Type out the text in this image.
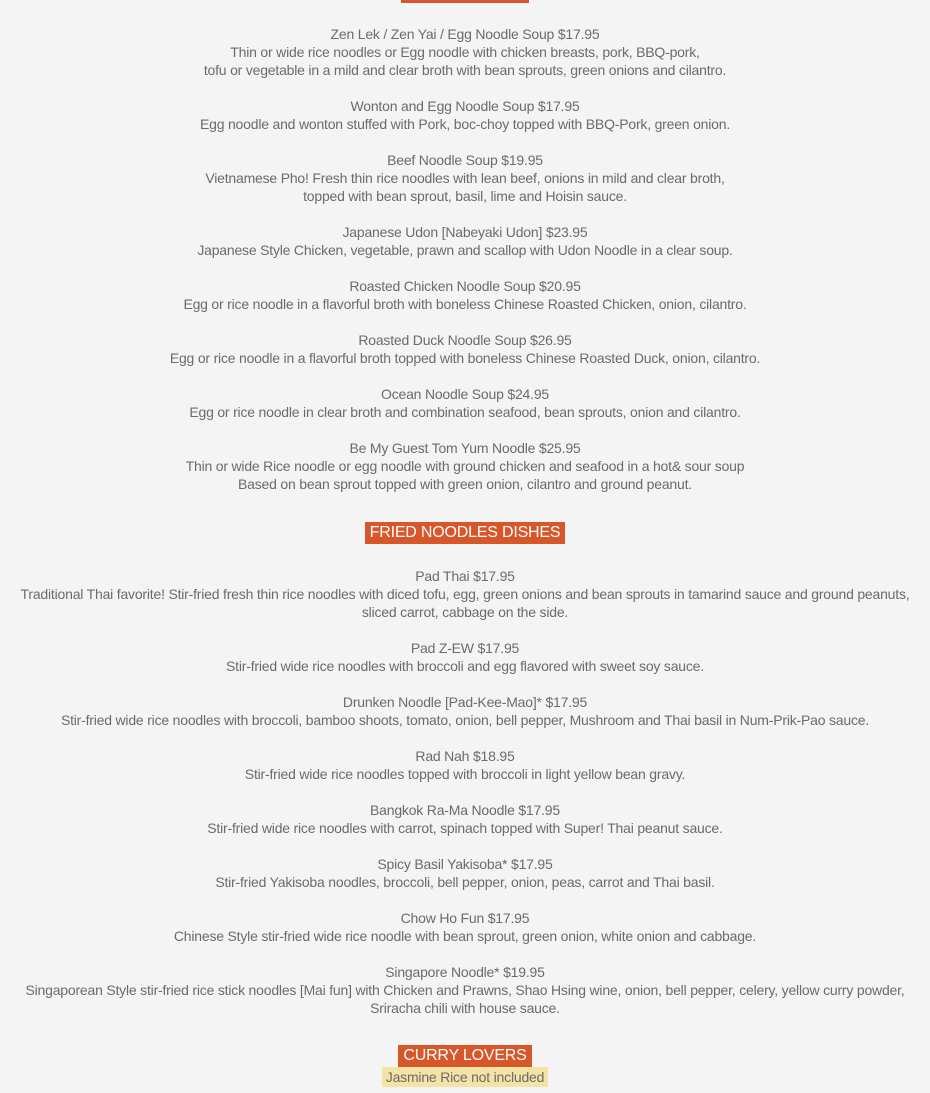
Zen Lek / Zen Yai / Egg Noodle Soup $17.95
Thin or wide rice noodles or Egg noodle with chicken breasts, pork, BBQ-pork,
tofu or vegetable in a mild and clear broth with bean sprouts, green onions and cilantro.
Wonton and Egg Noodle Soup $17.95
Egg noodle and wonton stuffed with Pork, boc-choy topped with BBQ-Pork, green onion.
Beef Noodle Soup $19.95
Vietnamese Pho! Fresh thin rice noodles with lean beef, onions in mild and clear broth,
topped with bean sprout, basil, lime and Hoisin sauce.
Japanese Udon [Nabeyaki Udon] $23.95
Japanese Style Chicken, vegetable, prawn and scallop with Udon Noodle in a clear soup.
Roasted Chicken Noodle Soup $20.95
Egg or rice noodle in a flavorful broth with boneless Chinese Roasted Chicken, onion, cilantro.
Roasted Duck Noodle Soup $26.95
Egg or rice noodle in a flavorful broth topped with boneless Chinese Roasted Duck, onion, cilantro.
Ocean Noodle Soup $24.95
Egg or rice noodle in clear broth and combination seafood, bean sprouts, onion and cilantro.
Be My Guest Tom Yum Noodle $25.95
Thin or wide Rice noodle or egg noodle with ground chicken and seafood in a hot& sour soup
Based on bean sprout topped with green onion, cilantro and ground peanut.
FRIED NOODLES DISHES
Pad Thai $17.95
Traditional Thai favorite! Stir-fried fresh thin rice noodles with diced tofu, egg, green onions and bean sprouts in tamarind sauce and ground peanuts,
sliced carrot, cabbage on the side.
Pad Z-EW $17.95
Stir-fried wide rice noodles with broccoli and egg flavored with sweet soy sauce.
Drunken Noodle [Pad-Kee-Mao]* $17.95
Stir-fried wide rice noodles with broccoli, bamboo shoots, tomato, onion, bell pepper, Mushroom and Thai basil in Num-Prik-Pao sauce.
Rad Nah $18.95
Stir-fried wide rice noodles topped with broccoli in light yellow bean gravy.
Bangkok Ra-Ma Noodle $17.95
Stir-fried wide rice noodles with carrot, spinach topped with Super! Thai peanut sauce.
Spicy Basil Yakisoba* $17.95
Stir-fried Yakisoba noodles, broccoli, bell pepper, onion, peas, carrot and Thai basil.
Chow Ho Fun $17.95
Chinese Style stir-fried wide rice noodle with bean sprout, green onion, white onion and cabbage.
Singapore Noodle* $19.95
Singaporean Style stir-fried rice stick noodles [Mai fun] with Chicken and Prawns, Shao Hsing wine, onion, bell pepper, celery, yellow curry powder,
Sriracha chili with house sauce.
CURRY LOVERS
Jasmine Rice not included
